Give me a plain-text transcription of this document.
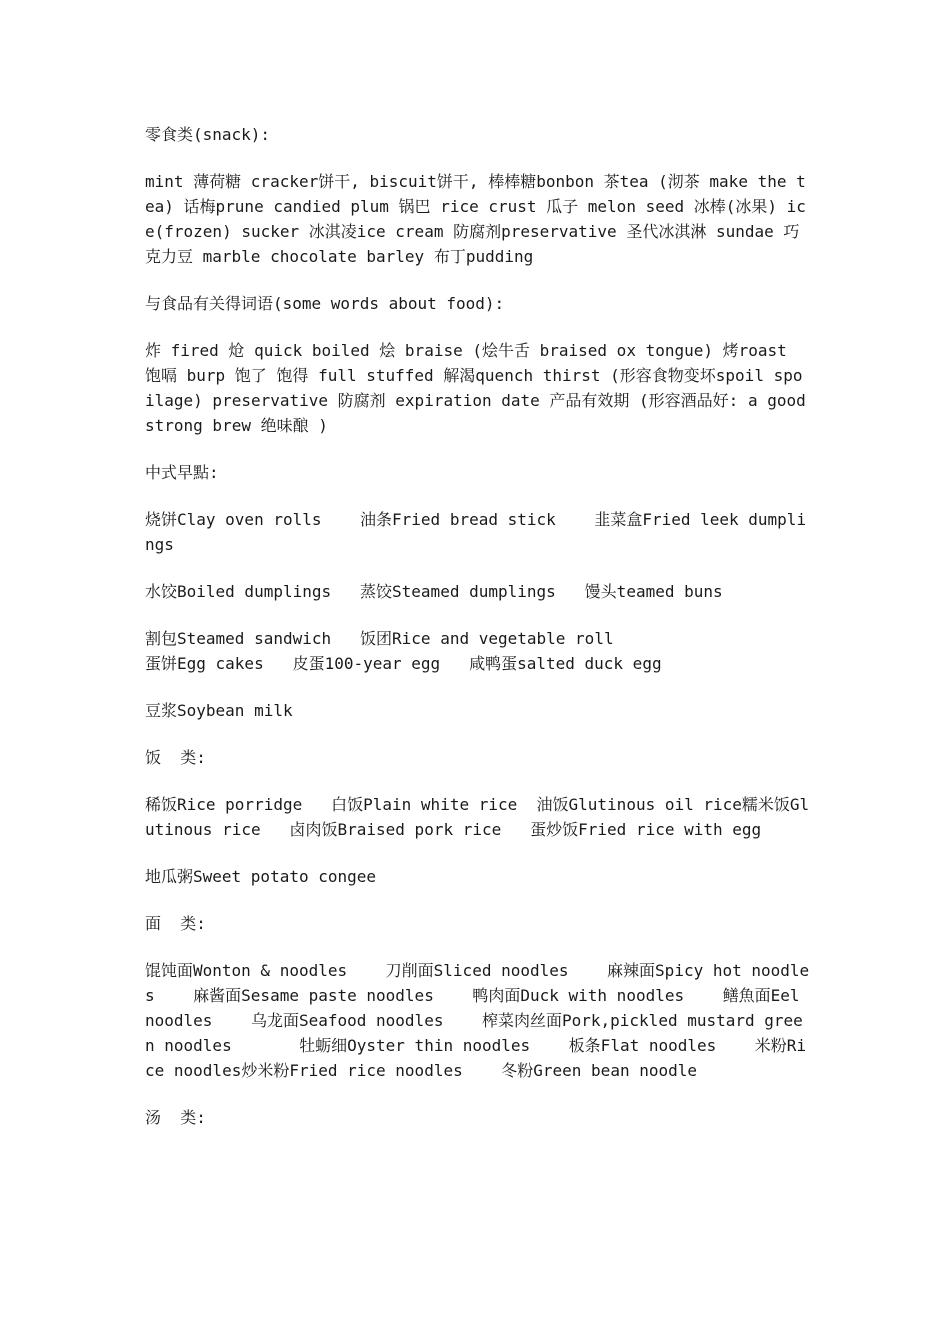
零食类(snack):

mint 薄荷糖 cracker饼干, biscuit饼干, 棒棒糖bonbon 茶tea (沏茶 make the tea) 话梅prune candied plum 锅巴 rice crust 瓜子 melon seed 冰棒(冰果) ice(frozen) sucker 冰淇凌ice cream 防腐剂preservative 圣代冰淇淋 sundae 巧克力豆 marble chocolate barley 布丁pudding

与食品有关得词语(some words about food):

炸 fired 炝 quick boiled 烩 braise (烩牛舌 braised ox tongue) 烤roast 饱嗝 burp 饱了 饱得 full stuffed 解渴quench thirst (形容食物变坏spoil spoilage) preservative 防腐剂 expiration date 产品有效期 (形容酒品好: a good strong brew 绝味酿 )

中式早點:

烧饼Clay oven rolls    油条Fried bread stick    韭菜盒Fried leek dumplings

水饺Boiled dumplings   蒸饺Steamed dumplings   馒头teamed buns

割包Steamed sandwich   饭团Rice and vegetable roll

蛋饼Egg cakes   皮蛋100-year egg   咸鸭蛋salted duck egg

豆浆Soybean milk

饭  类:

稀饭Rice porridge   白饭Plain white rice  油饭Glutinous oil rice糯米饭Glutinous rice   卤肉饭Braised pork rice   蛋炒饭Fried rice with egg

地瓜粥Sweet potato congee

面  类:

馄饨面Wonton & noodles    刀削面Sliced noodles    麻辣面Spicy hot noodles    麻酱面Sesame paste noodles    鸭肉面Duck with noodles    鳝魚面Eel noodles    乌龙面Seafood noodles    榨菜肉丝面Pork,pickled mustard green noodles       牡蛎细Oyster thin noodles    板条Flat noodles    米粉Rice noodles炒米粉Fried rice noodles    冬粉Green bean noodle

汤  类:
